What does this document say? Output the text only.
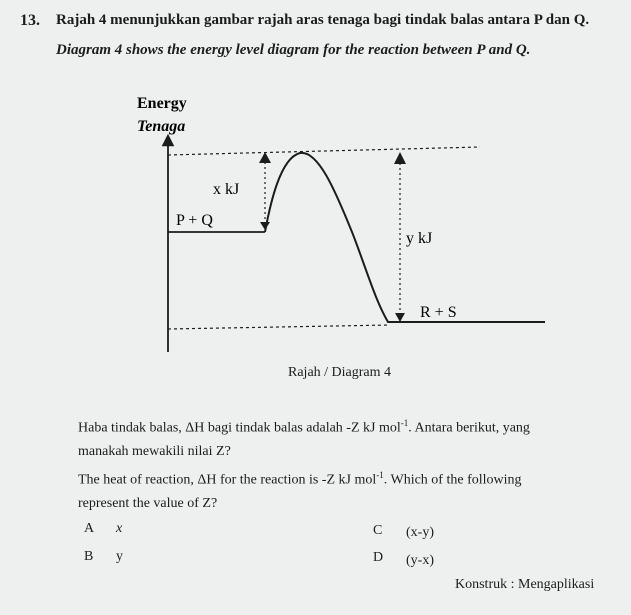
13. Rajah 4 menunjukkan gambar rajah aras tenaga bagi tindak balas antara P dan Q.
Diagram 4 shows the energy level diagram for the reaction between P and Q.
Energy
Tenaga
x kJ
P + Q
y kJ
R + S
Rajah / Diagram 4
Haba tindak balas, ΔH bagi tindak balas adalah -Z kJ mol$^{-1}$. Antara berikut, yang
manakah mewakili nilai Z?
The heat of reaction, ΔH for the reaction is -Z kJ mol$^{-1}$. Which of the following
represent the value of Z?
A x
B y
C (x-y)
D (y-x)
Konstruk : Mengaplikasi
